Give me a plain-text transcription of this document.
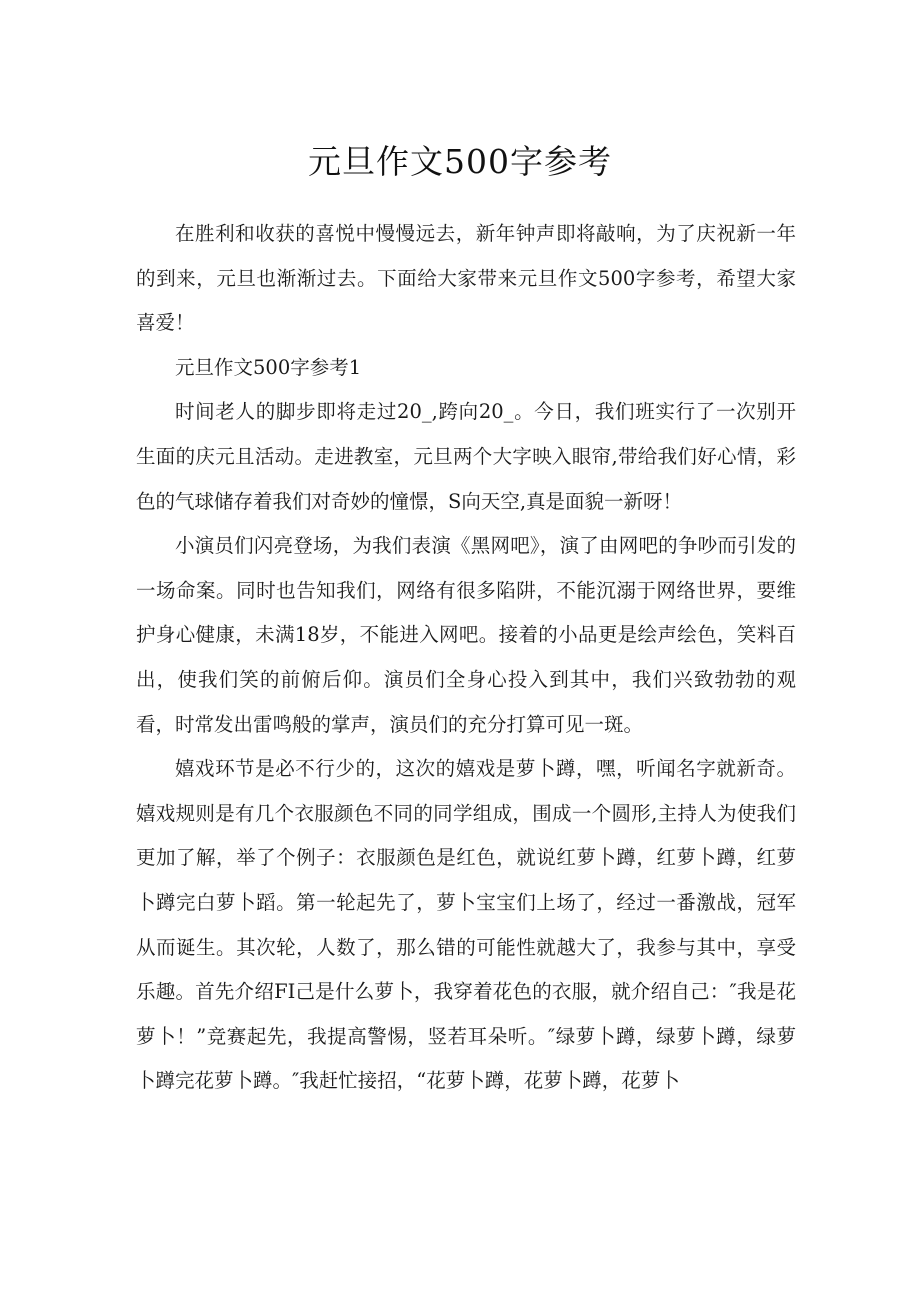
元旦作文500字参考

在胜利和收获的喜悦中慢慢远去，新年钟声即将敲响，为了庆祝新一年的到来，元旦也渐渐过去。下面给大家带来元旦作文500字参考，希望大家喜爱！

元旦作文500字参考1

时间老人的脚步即将走过20_,跨向20_。今日，我们班实行了一次别开生面的庆元且活动。走进教室，元旦两个大字映入眼帘,带给我们好心情，彩色的气球储存着我们对奇妙的憧憬，S向天空,真是面貌一新呀！

小演员们闪亮登场，为我们表演《黑网吧》，演了由网吧的争吵而引发的一场命案。同时也告知我们，网络有很多陷阱，不能沉溺于网络世界，要维护身心健康，未满18岁，不能进入网吧。接着的小品更是绘声绘色，笑料百出，使我们笑的前俯后仰。演员们全身心投入到其中，我们兴致勃勃的观看，时常发出雷鸣般的掌声，演员们的充分打算可见一斑。

嬉戏环节是必不行少的，这次的嬉戏是萝卜蹲，嘿，听闻名字就新奇。嬉戏规则是有几个衣服颜色不同的同学组成，围成一个圆形,主持人为使我们更加了解，举了个例子：衣服颜色是红色，就说红萝卜蹲，红萝卜蹲，红萝卜蹲完白萝卜蹈。第一轮起先了，萝卜宝宝们上场了，经过一番激战，冠军从而诞生。其次轮，人数了，那么错的可能性就越大了，我参与其中，享受乐趣。首先介绍FI己是什么萝卜，我穿着花色的衣服，就介绍自己：″我是花萝卜！”竞赛起先，我提高警惕，竖若耳朵听。″绿萝卜蹲，绿萝卜蹲，绿萝卜蹲完花萝卜蹲。″我赶忙接招，“花萝卜蹲，花萝卜蹲，花萝卜
